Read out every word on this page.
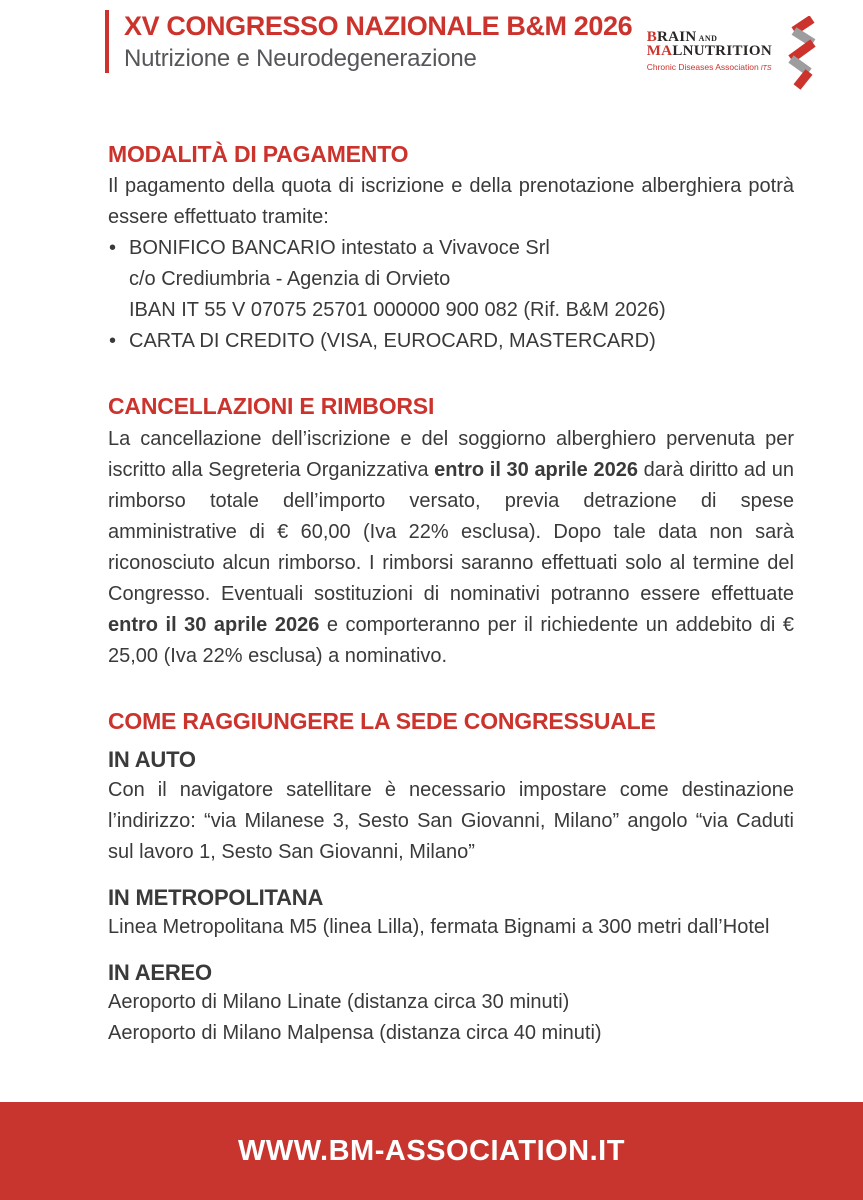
XV CONGRESSO NAZIONALE B&M 2026
Nutrizione e Neurodegenerazione
BRAIN AND
MALNUTRITION
Chronic Diseases Association ITS
MODALITÀ DI PAGAMENTO

Il pagamento della quota di iscrizione e della prenotazione alberghiera potrà essere effettuato tramite:

• BONIFICO BANCARIO intestato a Vivavoce Srl
c/o Crediumbria - Agenzia di Orvieto
IBAN IT 55 V 07075 25701 000000 900 082 (Rif. B&M 2026)
• CARTA DI CREDITO (VISA, EUROCARD, MASTERCARD)
CANCELLAZIONI E RIMBORSI

La cancellazione dell’iscrizione e del soggiorno alberghiero pervenuta per iscritto alla Segreteria Organizzativa entro il 30 aprile 2026 darà diritto ad un rimborso totale dell’importo versato, previa detrazione di spese amministrative di € 60,00 (Iva 22% esclusa). Dopo tale data non sarà riconosciuto alcun rimborso. I rimborsi saranno effettuati solo al termine del Congresso. Eventuali sostituzioni di nominativi potranno essere effettuate entro il 30 aprile 2026 e comporteranno per il richiedente un addebito di € 25,00 (Iva 22% esclusa) a nominativo.

COME RAGGIUNGERE LA SEDE CONGRESSUALE
IN AUTO

Con il navigatore satellitare è necessario impostare come destinazione l’indirizzo: “via Milanese 3, Sesto San Giovanni, Milano” angolo “via Caduti sul lavoro 1, Sesto San Giovanni, Milano”

IN METROPOLITANA

Linea Metropolitana M5 (linea Lilla), fermata Bignami a 300 metri dall’Hotel

IN AEREO

Aeroporto di Milano Linate (distanza circa 30 minuti)

Aeroporto di Milano Malpensa (distanza circa 40 minuti)

WWW.BM-ASSOCIATION.IT
